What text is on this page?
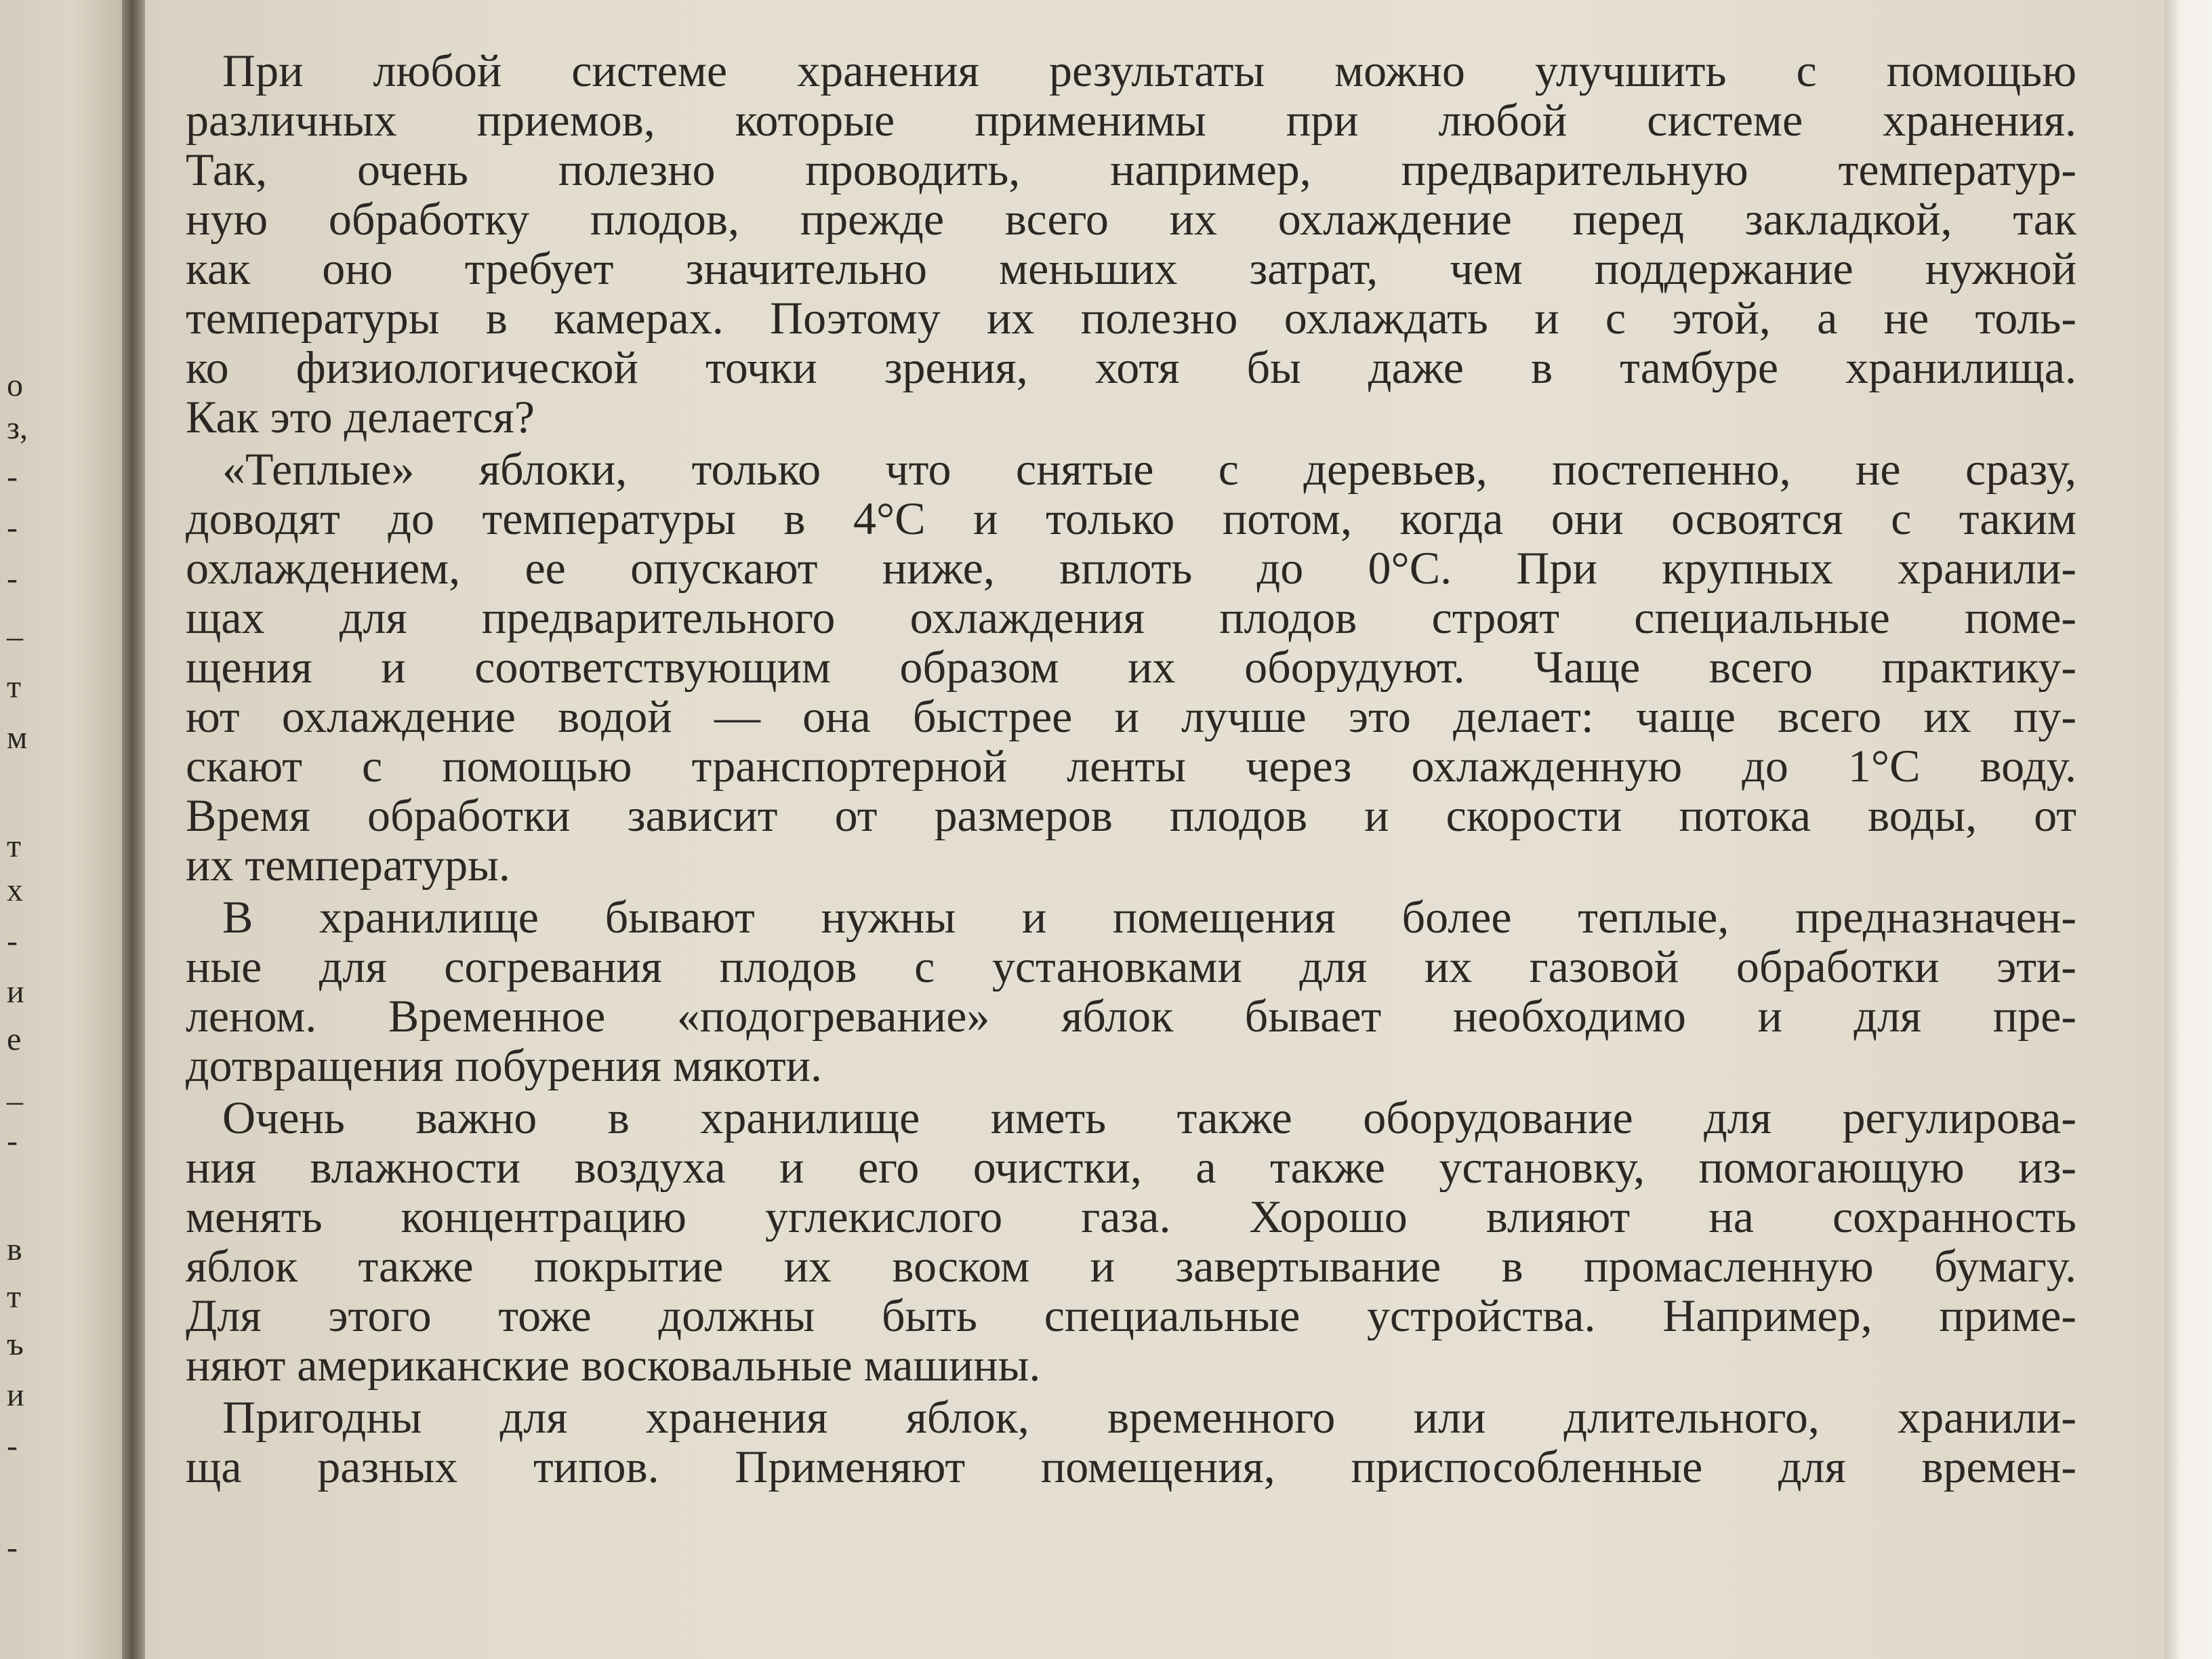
о
з,
-
-
-
_
т
м
т
х
-
и
е
_
-
в
т
ъ
и
-
-
При любой системе хранения результаты можно улучшить с помощью
различных приемов, которые применимы при любой системе хранения.
Так, очень полезно проводить, например, предварительную температур-
ную обработку плодов, прежде всего их охлаждение перед закладкой, так
как оно требует значительно меньших затрат, чем поддержание нужной
температуры в камерах. Поэтому их полезно охлаждать и с этой, а не толь-
ко физиологической точки зрения, хотя бы даже в тамбуре хранилища.
Как это делается?
«Теплые» яблоки, только что снятые с деревьев, постепенно, не сразу,
доводят до температуры в 4°С и только потом, когда они освоятся с таким
охлаждением, ее опускают ниже, вплоть до 0°С. При крупных хранили-
щах для предварительного охлаждения плодов строят специальные поме-
щения и соответствующим образом их оборудуют. Чаще всего практику-
ют охлаждение водой — она быстрее и лучше это делает: чаще всего их пу-
скают с помощью транспортерной ленты через охлажденную до 1°С воду.
Время обработки зависит от размеров плодов и скорости потока воды, от
их температуры.
В хранилище бывают нужны и помещения более теплые, предназначен-
ные для согревания плодов с установками для их газовой обработки эти-
леном. Временное «подогревание» яблок бывает необходимо и для пре-
дотвращения побурения мякоти.
Очень важно в хранилище иметь также оборудование для регулирова-
ния влажности воздуха и его очистки, а также установку, помогающую из-
менять концентрацию углекислого газа. Хорошо влияют на сохранность
яблок также покрытие их воском и завертывание в промасленную бумагу.
Для этого тоже должны быть специальные устройства. Например, приме-
няют американские восковальные машины.
Пригодны для хранения яблок, временного или длительного, хранили-
ща разных типов. Применяют помещения, приспособленные для времен-
